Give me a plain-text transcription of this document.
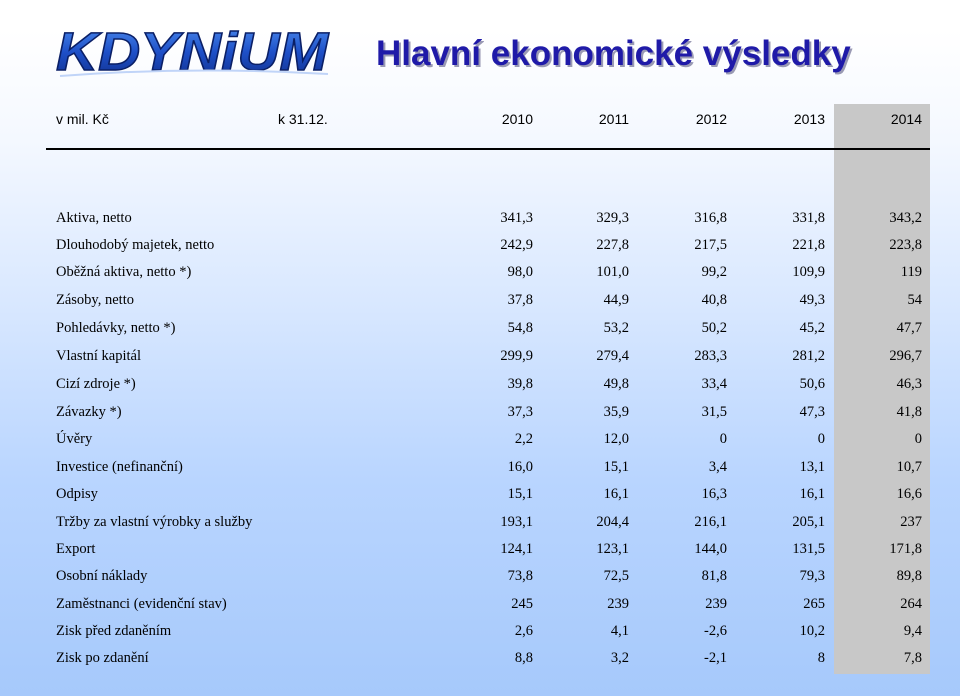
KDYNiUM Hlavní ekonomické výsledky
v mil. Kč	k 31.12.	2010	2011	2012	2013	2014
Aktiva, netto	341,3	329,3	316,8	331,8	343,2
Dlouhodobý majetek, netto	242,9	227,8	217,5	221,8	223,8
Oběžná aktiva, netto *)	98,0	101,0	99,2	109,9	119
Zásoby, netto	37,8	44,9	40,8	49,3	54
Pohledávky, netto *)	54,8	53,2	50,2	45,2	47,7
Vlastní kapitál	299,9	279,4	283,3	281,2	296,7
Cizí zdroje *)	39,8	49,8	33,4	50,6	46,3
Závazky *)	37,3	35,9	31,5	47,3	41,8
Úvěry	2,2	12,0	0	0	0
Investice (nefinanční)	16,0	15,1	3,4	13,1	10,7
Odpisy	15,1	16,1	16,3	16,1	16,6
Tržby za vlastní výrobky a služby	193,1	204,4	216,1	205,1	237
Export	124,1	123,1	144,0	131,5	171,8
Osobní náklady	73,8	72,5	81,8	79,3	89,8
Zaměstnanci (evidenční stav)	245	239	239	265	264
Zisk před zdaněním	2,6	4,1	-2,6	10,2	9,4
Zisk po zdanění	8,8	3,2	-2,1	8	7,8
